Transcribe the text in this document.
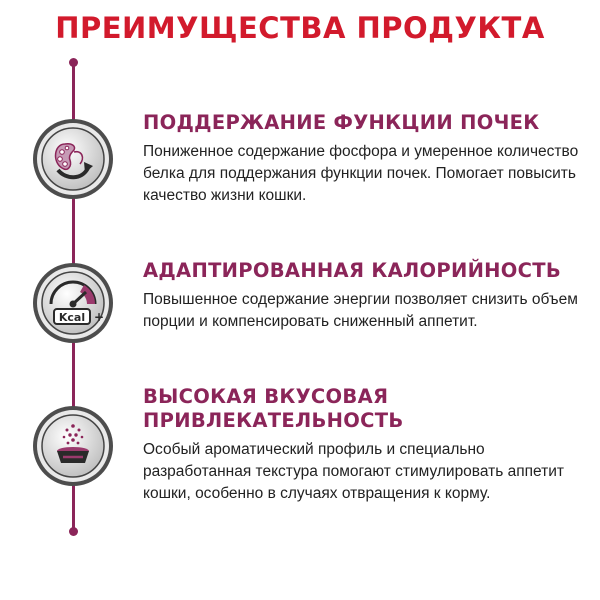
ПРЕИМУЩЕСТВА ПРОДУКТА
ПОДДЕРЖАНИЕ ФУНКЦИИ ПОЧЕК

Пониженное содержание фосфора и умеренное количество белка для поддержания функции почек. Помогает повысить качество жизни кошки.

Kcal +
АДАПТИРОВАННАЯ КАЛОРИЙНОСТЬ

Повышенное содержание энергии позволяет снизить объем порции и компенсировать сниженный аппетит.

ВЫСОКАЯ ВКУСОВАЯ
ПРИВЛЕКАТЕЛЬНОСТЬ

Особый ароматический профиль и специально разработанная текстура помогают стимулировать аппетит кошки, особенно в случаях отвращения к корму.
